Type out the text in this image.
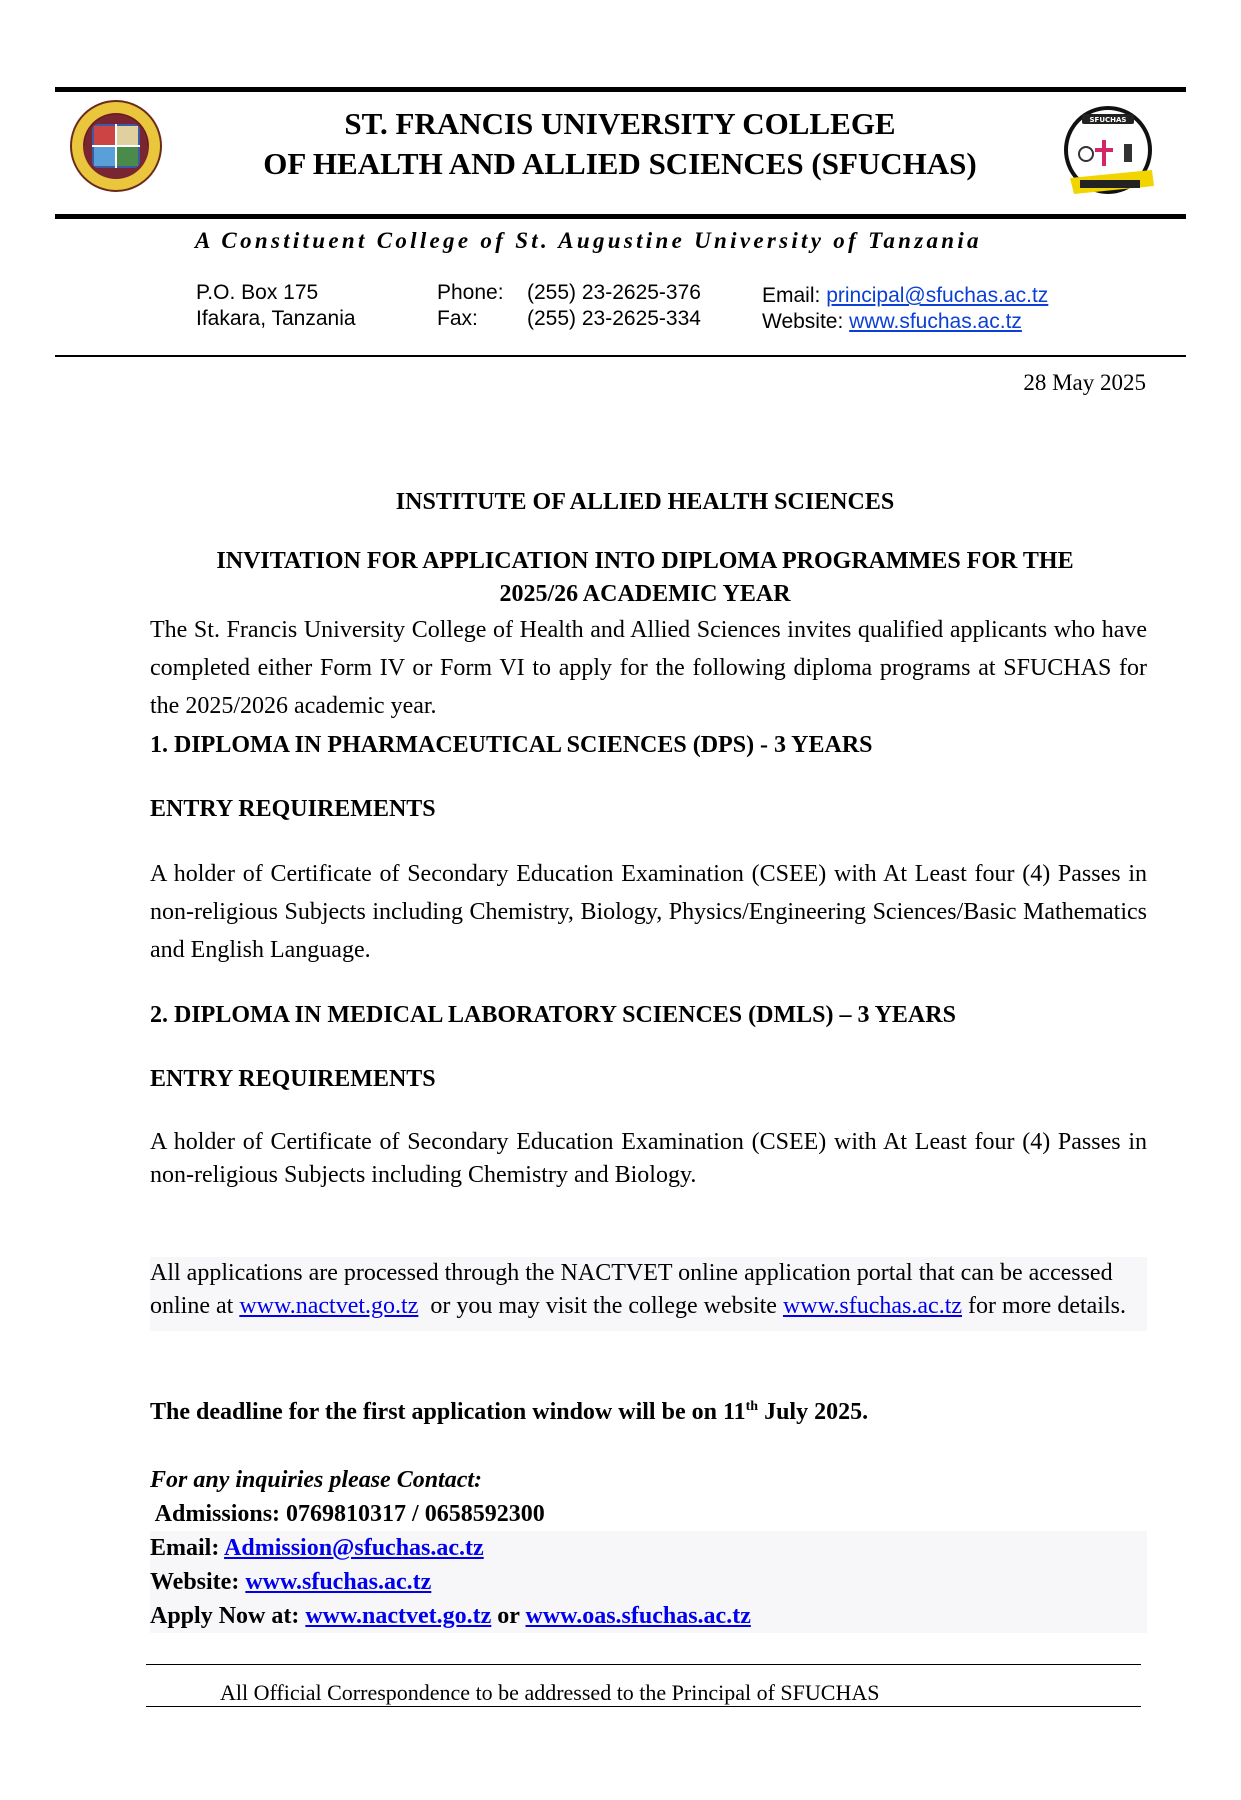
ST. FRANCIS UNIVERSITY COLLEGE
OF HEALTH AND ALLIED SCIENCES (SFUCHAS)
SFUCHAS
A Constituent College of St. Augustine University of Tanzania
P.O. Box 175
Ifakara, Tanzania
Phone: (255) 23-2625-376
Fax: (255) 23-2625-334
Email: principal@sfuchas.ac.tz
Website: www.sfuchas.ac.tz
28 May 2025
INSTITUTE OF ALLIED HEALTH SCIENCES
INVITATION FOR APPLICATION INTO DIPLOMA PROGRAMMES FOR THE
2025/26 ACADEMIC YEAR
The St. Francis University College of Health and Allied Sciences invites qualified applicants who have completed either Form IV or Form VI to apply for the following diploma programs at SFUCHAS for the 2025/2026 academic year.
1. DIPLOMA IN PHARMACEUTICAL SCIENCES (DPS) - 3 YEARS
ENTRY REQUIREMENTS
A holder of Certificate of Secondary Education Examination (CSEE) with At Least four (4) Passes in non-religious Subjects including Chemistry, Biology, Physics/Engineering Sciences/Basic Mathematics and English Language.
2. DIPLOMA IN MEDICAL LABORATORY SCIENCES (DMLS) – 3 YEARS
ENTRY REQUIREMENTS
A holder of Certificate of Secondary Education Examination (CSEE) with At Least four (4) Passes in non-religious Subjects including Chemistry and Biology.
All applications are processed through the NACTVET online application portal that can be accessed online at www.nactvet.go.tz  or you may visit the college website www.sfuchas.ac.tz for more details.
The deadline for the first application window will be on 11th July 2025.
For any inquiries please Contact:
Admissions: 0769810317 / 0658592300
Email: Admission@sfuchas.ac.tz
Website: www.sfuchas.ac.tz
Apply Now at: www.nactvet.go.tz or www.oas.sfuchas.ac.tz
All Official Correspondence to be addressed to the Principal of SFUCHAS
